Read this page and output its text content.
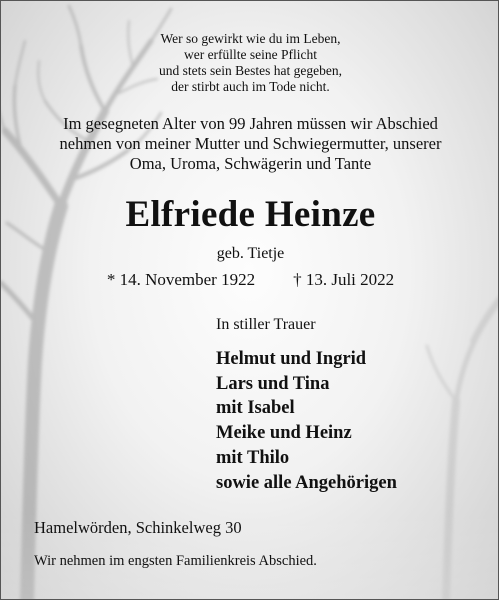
Wer so gewirkt wie du im Leben,
wer erfüllte seine Pflicht
und stets sein Bestes hat gegeben,
der stirbt auch im Tode nicht.
Im gesegneten Alter von 99 Jahren müssen wir Abschied
nehmen von meiner Mutter und Schwiegermutter, unserer
Oma, Uroma, Schwägerin und Tante
Elfriede Heinze
geb. Tietje
* 14. November 1922 † 13. Juli 2022
In stiller Trauer
Helmut und Ingrid
Lars und Tina
mit Isabel
Meike und Heinz
mit Thilo
sowie alle Angehörigen
Hamelwörden, Schinkelweg 30
Wir nehmen im engsten Familienkreis Abschied.
